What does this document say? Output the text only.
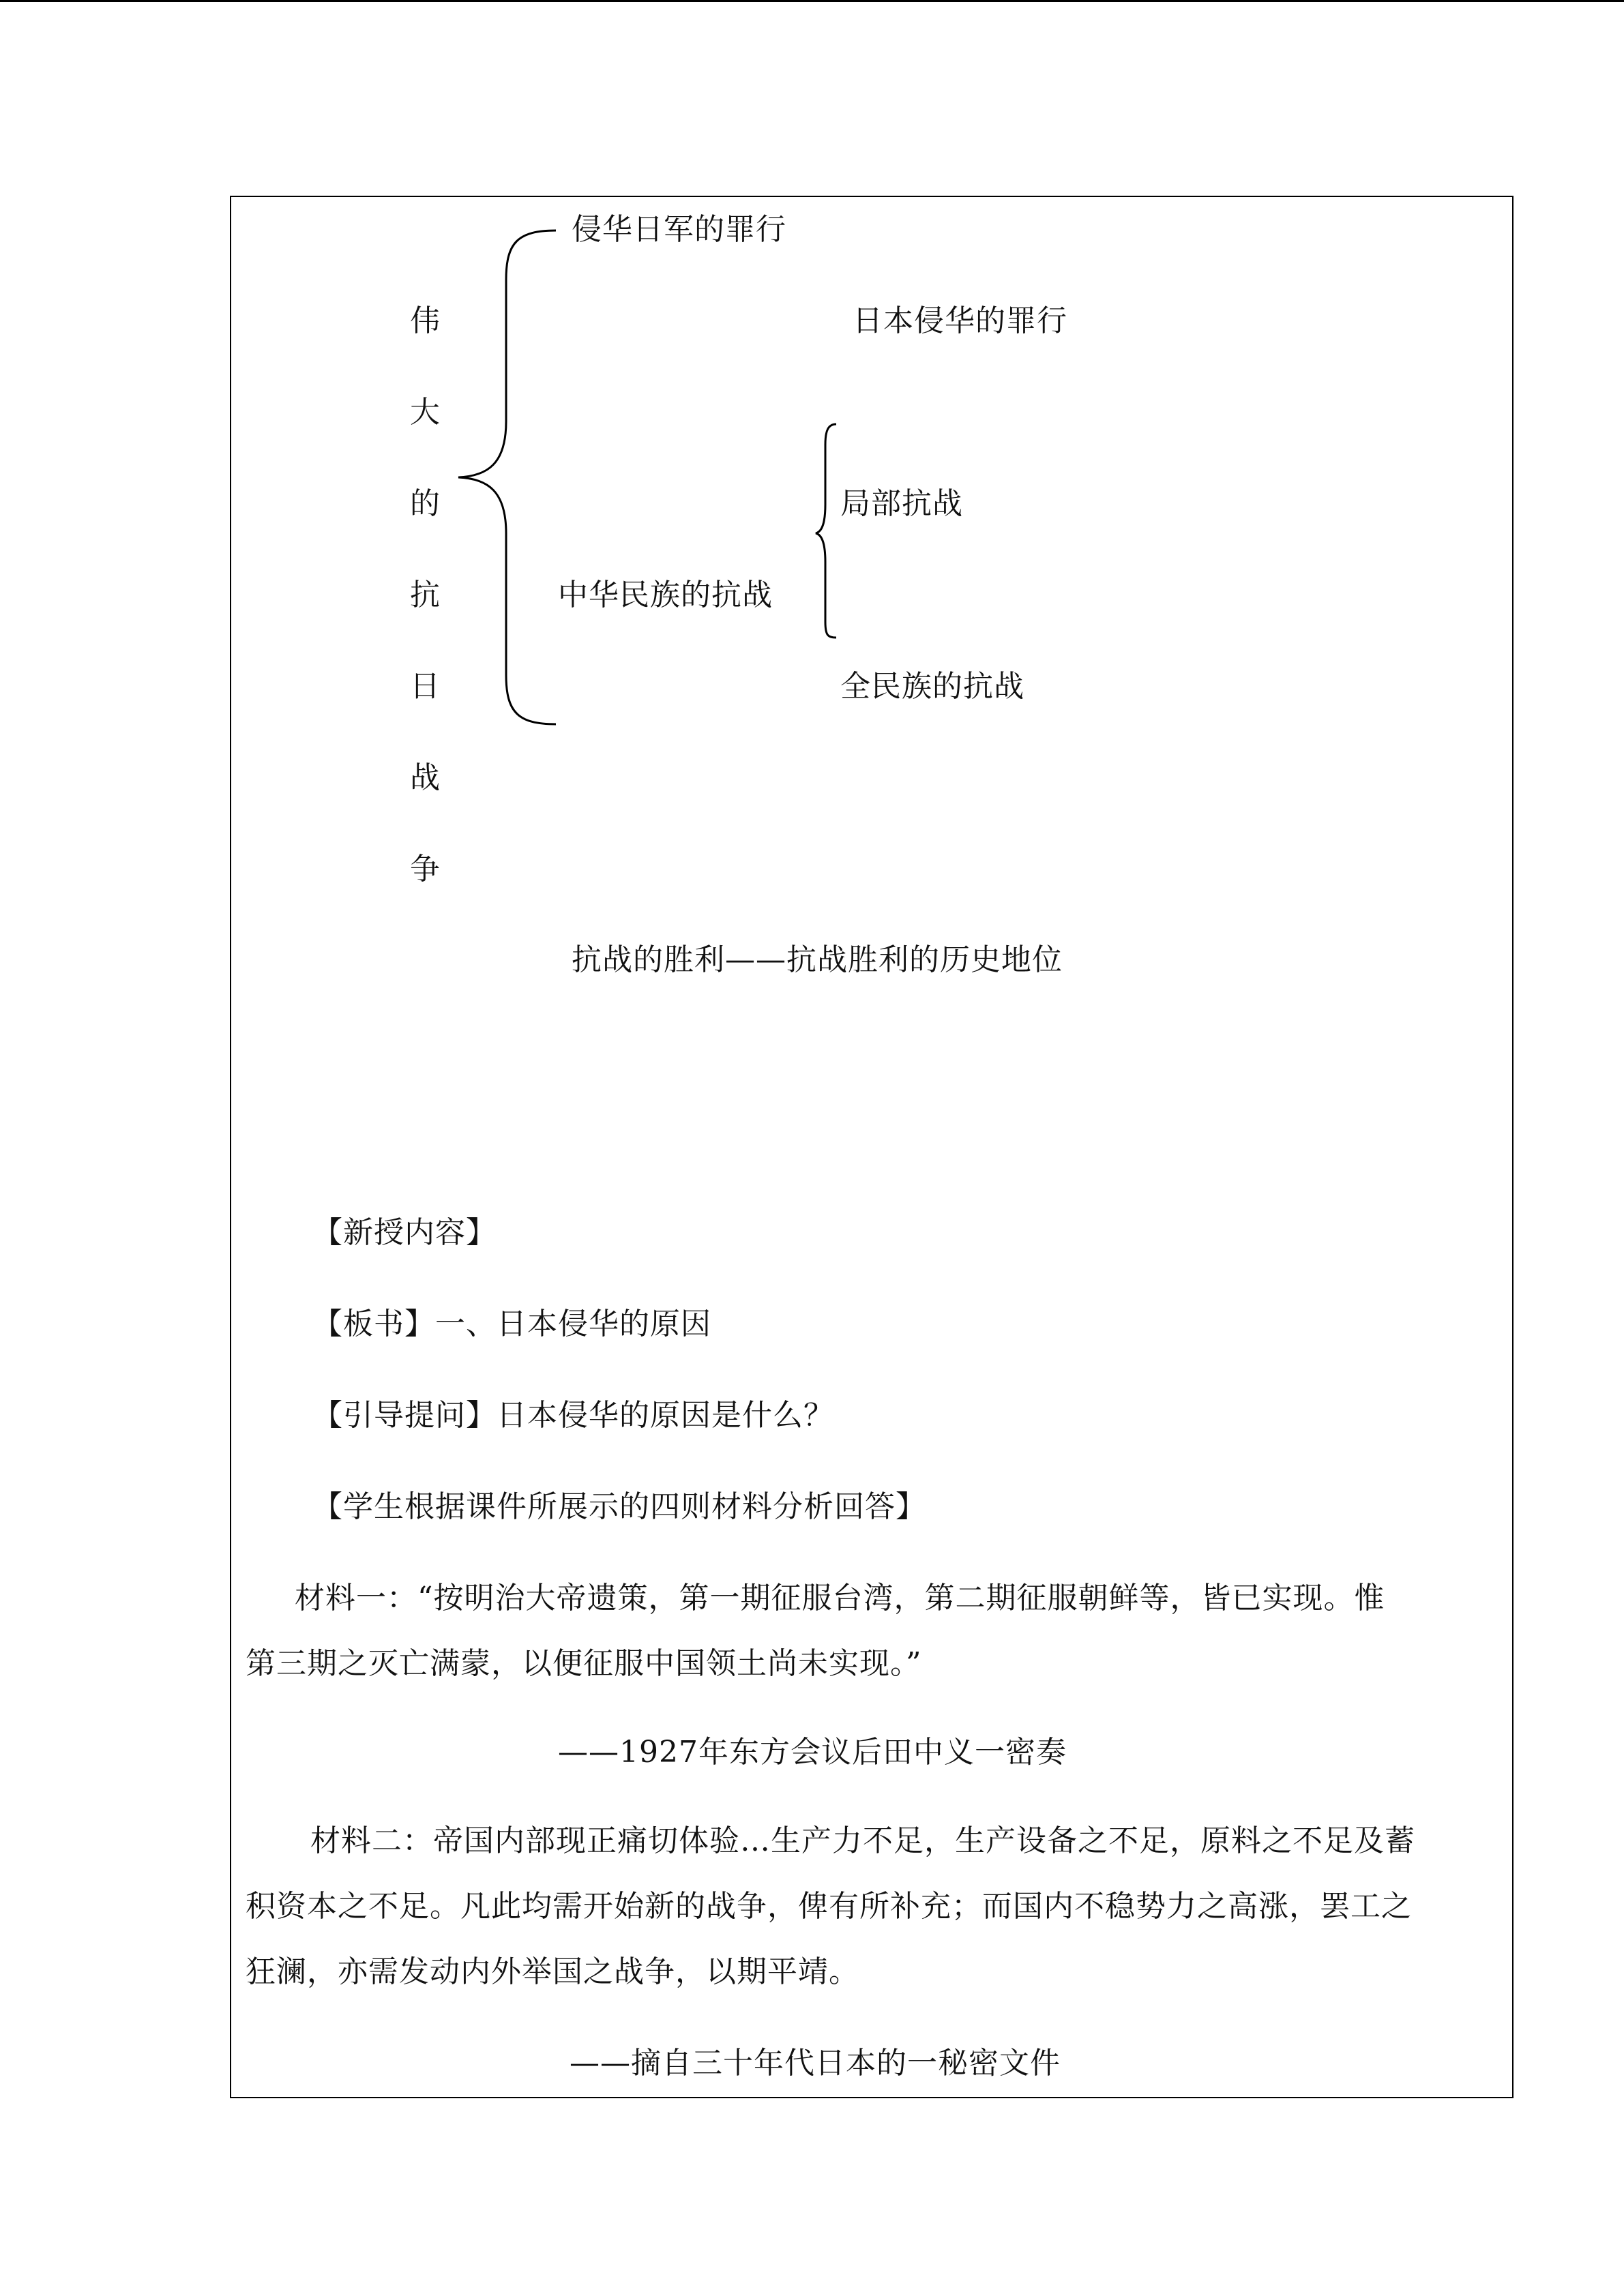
伟
大
的
抗
日
战
争
侵华日军的罪行
日本侵华的罪行
局部抗战
中华民族的抗战
全民族的抗战
抗战的胜利——抗战胜利的历史地位
【新授内容】
【板书】一、日本侵华的原因
【引导提问】日本侵华的原因是什么？
【学生根据课件所展示的四则材料分析回答】
材料一：“按明治大帝遗策，第一期征服台湾，第二期征服朝鲜等，皆已实现。惟
第三期之灭亡满蒙，以便征服中国领土尚未实现。”
——1927年东方会议后田中义一密奏
材料二：帝国内部现正痛切体验…生产力不足，生产设备之不足，原料之不足及蓄
积资本之不足。凡此均需开始新的战争，俾有所补充；而国内不稳势力之高涨，罢工之
狂澜，亦需发动内外举国之战争，以期平靖。
——摘自三十年代日本的一秘密文件
